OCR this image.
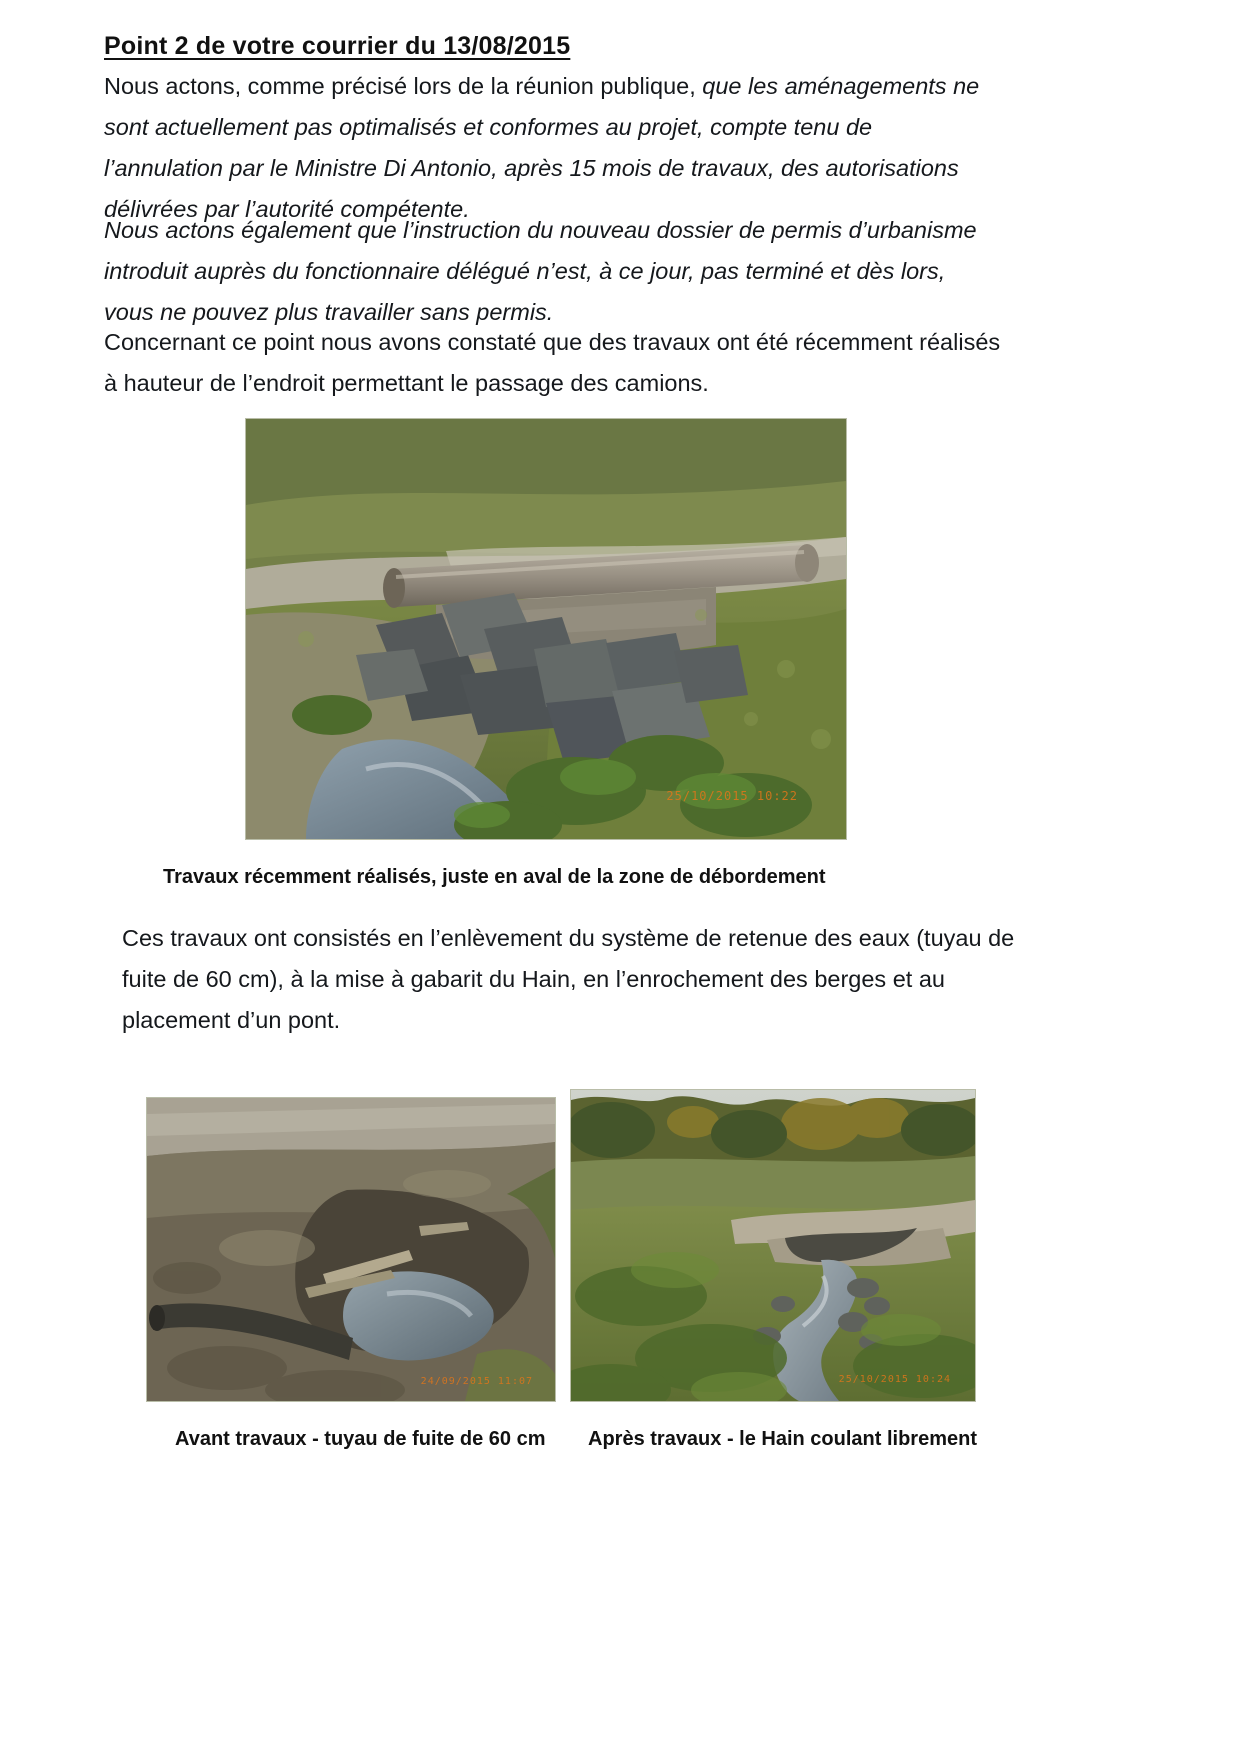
Point 2 de votre courrier du 13/08/2015

Nous actons, comme précisé lors de la réunion publique, que les aménagements ne sont actuellement pas optimalisés et conformes au projet, compte tenu de l’annulation par le Ministre Di Antonio, après 15 mois de travaux, des autorisations délivrées par l’autorité compétente.

Nous actons également que l’instruction du nouveau dossier de permis d’urbanisme introduit auprès du fonctionnaire délégué n’est, à ce jour, pas terminé et dès lors, vous ne pouvez plus travailler sans permis.
Concernant ce point nous avons constaté que des travaux ont été récemment réalisés à hauteur de l’endroit permettant le passage des camions.
25/10/2015 10:22
Travaux récemment réalisés, juste en aval de la zone de débordement
Ces travaux ont consistés en l’enlèvement du système de retenue des eaux (tuyau de fuite de 60 cm), à la mise à gabarit du Hain, en l’enrochement des berges et au placement d’un pont.
24/09/2015 11:07	25/10/2015 10:24
Avant travaux - tuyau de fuite de 60 cm Après travaux - le Hain coulant librement
